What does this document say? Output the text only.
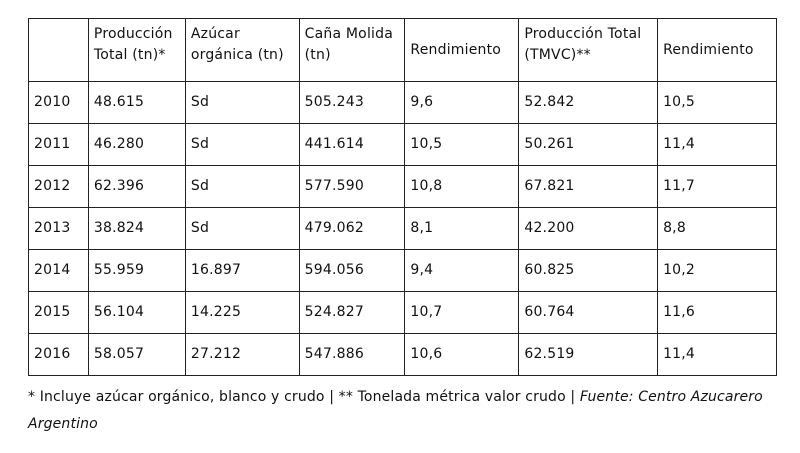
	Producción Total (tn)*	Azúcar orgánica (tn)	Caña Molida (tn)	Rendimiento	Producción Total (TMVC)**	Rendimiento
2010	48.615	Sd	505.243	9,6	52.842	10,5
2011	46.280	Sd	441.614	10,5	50.261	11,4
2012	62.396	Sd	577.590	10,8	67.821	11,7
2013	38.824	Sd	479.062	8,1	42.200	8,8
2014	55.959	16.897	594.056	9,4	60.825	10,2
2015	56.104	14.225	524.827	10,7	60.764	11,6
2016	58.057	27.212	547.886	10,6	62.519	11,4
* Incluye azúcar orgánico, blanco y crudo | ** Tonelada métrica valor crudo | Fuente: Centro Azucarero Argentino
